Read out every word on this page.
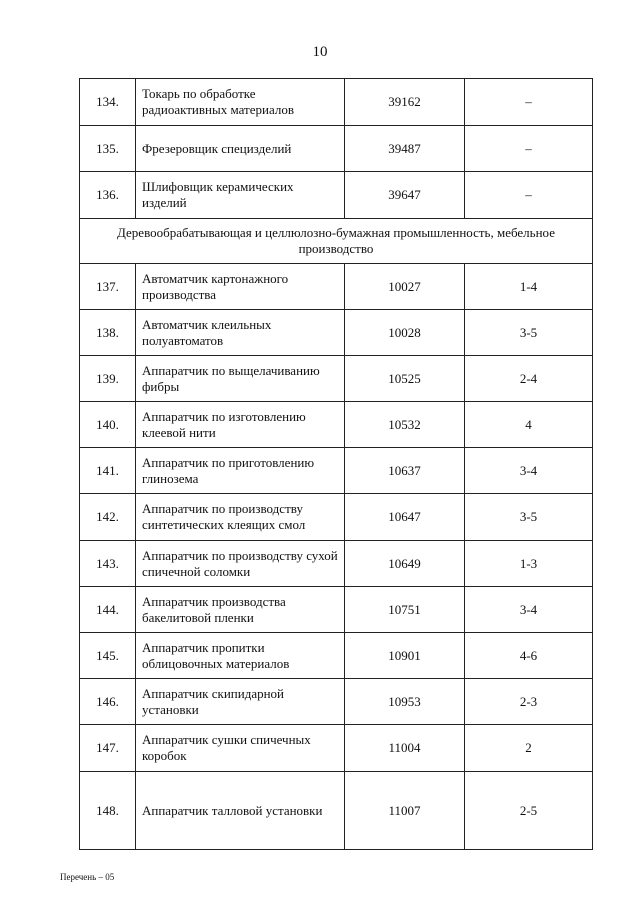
10
134.	Токарь по обработке радиоактивных материалов	39162	–
135.	Фрезеровщик специзделий	39487	–
136.	Шлифовщик керамических изделий	39647	–
Деревообрабатывающая и целлюлозно-бумажная промышленность, мебельное производство			
137.	Автоматчик картонажного производства	10027	1-4
138.	Автоматчик клеильных полуавтоматов	10028	3-5
139.	Аппаратчик по выщелачиванию фибры	10525	2-4
140.	Аппаратчик по изготовлению клеевой нити	10532	4
141.	Аппаратчик по приготовлению глинозема	10637	3-4
142.	Аппаратчик по производству синтетических клеящих смол	10647	3-5
143.	Аппаратчик по производству сухой спичечной соломки	10649	1-3
144.	Аппаратчик производства бакелитовой пленки	10751	3-4
145.	Аппаратчик пропитки облицовочных материалов	10901	4-6
146.	Аппаратчик скипидарной установки	10953	2-3
147.	Аппаратчик сушки спичечных коробок	11004	2
148.	Аппаратчик талловой установки	11007	2-5
Перечень – 05
